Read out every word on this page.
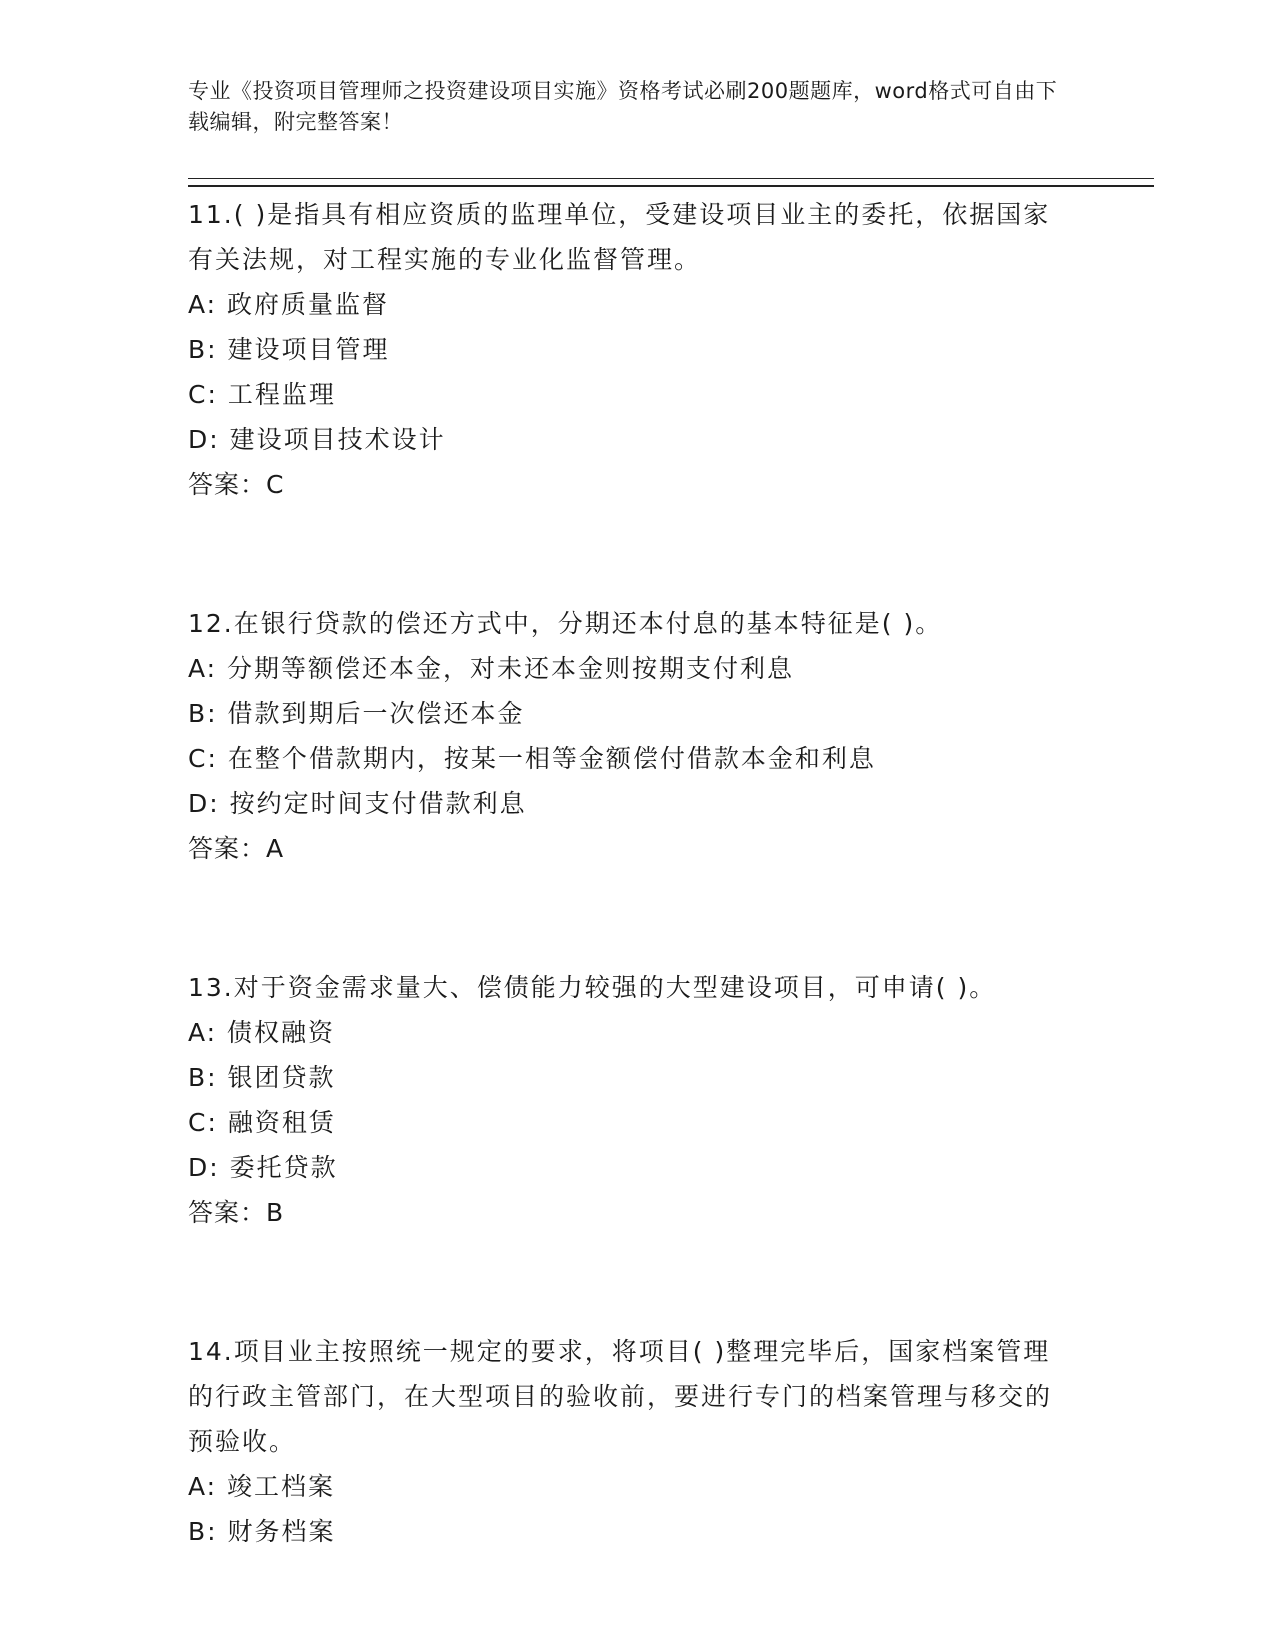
专业《投资项目管理师之投资建设项目实施》资格考试必刷200题题库，word格式可自由下载编辑，附完整答案！

11.( )是指具有相应资质的监理单位，受建设项目业主的委托，依据国家有关法规，对工程实施的专业化监督管理。

A: 政府质量监督

B: 建设项目管理

C: 工程监理

D: 建设项目技术设计

答案：C

12.在银行贷款的偿还方式中，分期还本付息的基本特征是( )。

A: 分期等额偿还本金，对未还本金则按期支付利息

B: 借款到期后一次偿还本金

C: 在整个借款期内，按某一相等金额偿付借款本金和利息

D: 按约定时间支付借款利息

答案：A

13.对于资金需求量大、偿债能力较强的大型建设项目，可申请( )。

A: 债权融资

B: 银团贷款

C: 融资租赁

D: 委托贷款

答案：B

14.项目业主按照统一规定的要求，将项目( )整理完毕后，国家档案管理的行政主管部门，在大型项目的验收前，要进行专门的档案管理与移交的预验收。

A: 竣工档案

B: 财务档案
